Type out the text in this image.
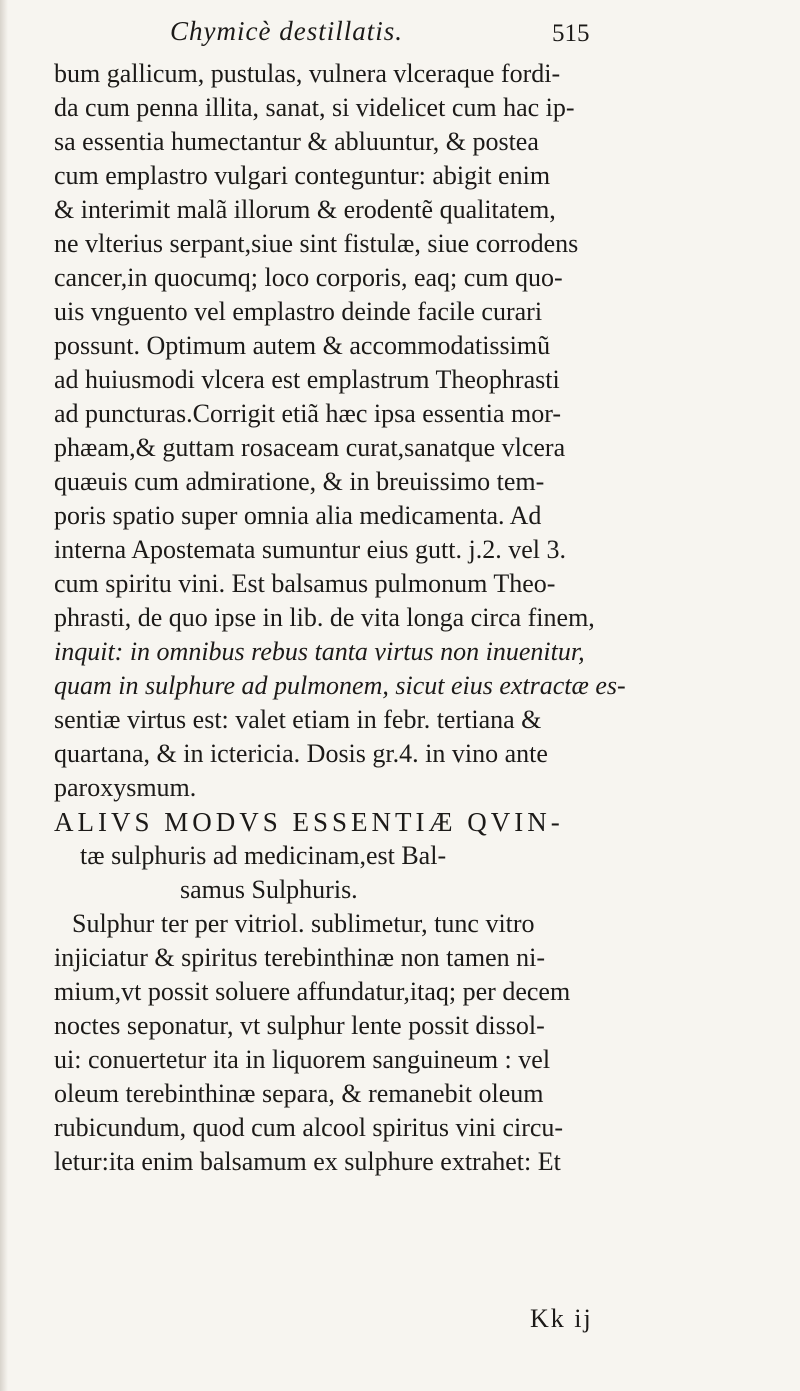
Chymicè destillatis.	515
bum gallicum, pustulas, vulnera vlceraque fordi-
da cum penna illita, sanat, si videlicet cum hac ip-
sa essentia humectantur & abluuntur, & postea
cum emplastro vulgari conteguntur: abigit enim
& interimit malã illorum & erodentẽ qualitatem,
ne vlterius serpant,siue sint fistulæ, siue corrodens
cancer,in quocumq; loco corporis, eaq; cum quo-
uis vnguento vel emplastro deinde facile curari
possunt. Optimum autem & accommodatissimũ
ad huiusmodi vlcera est emplastrum Theophrasti
ad puncturas.Corrigit etiã hæc ipsa essentia mor-
phæam,& guttam rosaceam curat,sanatque vlcera
quæuis cum admiratione, & in breuissimo tem-
poris spatio super omnia alia medicamenta. Ad
interna Apostemata sumuntur eius gutt. j.2. vel 3.
cum spiritu vini. Est balsamus pulmonum Theo-
phrasti, de quo ipse in lib. de vita longa circa finem,
inquit: in omnibus rebus tanta virtus non inuenitur,
quam in sulphure ad pulmonem, sicut eius extractæ es-
sentiæ virtus est: valet etiam in febr. tertiana &
quartana, & in ictericia. Dosis gr.4. in vino ante
paroxysmum.
ALIVS MODVS ESSENTIÆ QVIN-
tæ sulphuris ad medicinam,est Bal-
samus Sulphuris.
Sulphur ter per vitriol. sublimetur, tunc vitro
injiciatur & spiritus terebinthinæ non tamen ni-
mium,vt possit soluere affundatur,itaq; per decem
noctes seponatur, vt sulphur lente possit dissol-
ui: conuertetur ita in liquorem sanguineum : vel
oleum terebinthinæ separa, & remanebit oleum
rubicundum, quod cum alcool spiritus vini circu-
letur:ita enim balsamum ex sulphure extrahet: Et
Kk ij
